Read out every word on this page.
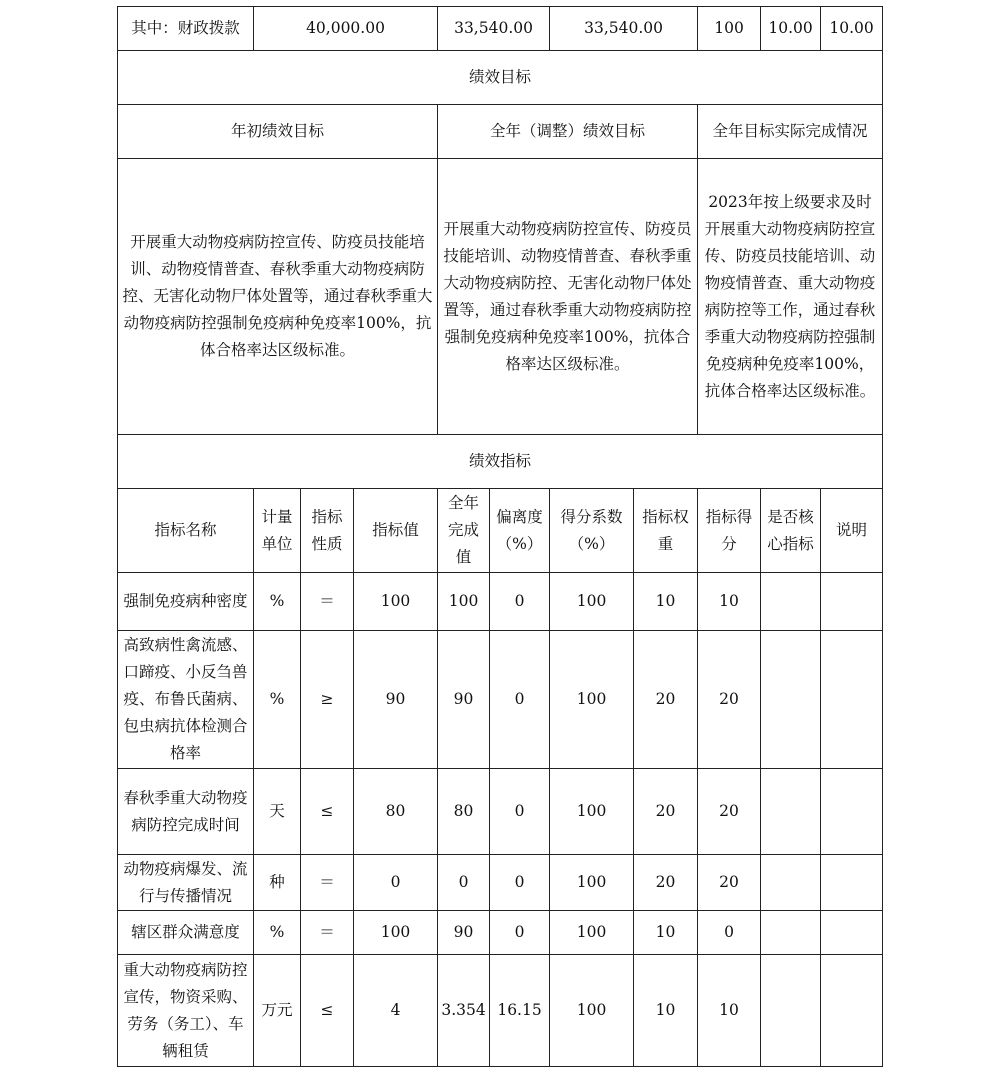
其中：财政拨款	40,000.00			33,540.00		33,540.00		100	10.00	10.00
绩效目标										
年初绩效目标				全年（调整）绩效目标				全年目标实际完成情况		
开展重大动物疫病防控宣传、防疫员技能培训、动物疫情普查、春秋季重大动物疫病防控、无害化动物尸体处置等，通过春秋季重大动物疫病防控强制免疫病种免疫率100%，抗体合格率达区级标准。				开展重大动物疫病防控宣传、防疫员技能培训、动物疫情普查、春秋季重大动物疫病防控、无害化动物尸体处置等，通过春秋季重大动物疫病防控强制免疫病种免疫率100%，抗体合格率达区级标准。				2023年按上级要求及时开展重大动物疫病防控宣传、防疫员技能培训、动物疫情普查、重大动物疫病防控等工作，通过春秋季重大动物疫病防控强制免疫病种免疫率100%，抗体合格率达区级标准。		
绩效指标										
指标名称	计量单位	指标性质	指标值	全年完成值	偏离度（%）	得分系数（%）	指标权重	指标得分	是否核心指标	说明
强制免疫病种密度	%	＝	100	100	0	100	10	10		
高致病性禽流感、口蹄疫、小反刍兽疫、布鲁氏菌病、包虫病抗体检测合格率	%	≥	90	90	0	100	20	20		
春秋季重大动物疫病防控完成时间	天	≤	80	80	0	100	20	20		
动物疫病爆发、流行与传播情况	种	＝	0	0	0	100	20	20		
辖区群众满意度	%	＝	100	90	0	100	10	0		
重大动物疫病防控宣传，物资采购、劳务（务工）、车辆租赁	万元	≤	4	3.354	16.15	100	10	10		
